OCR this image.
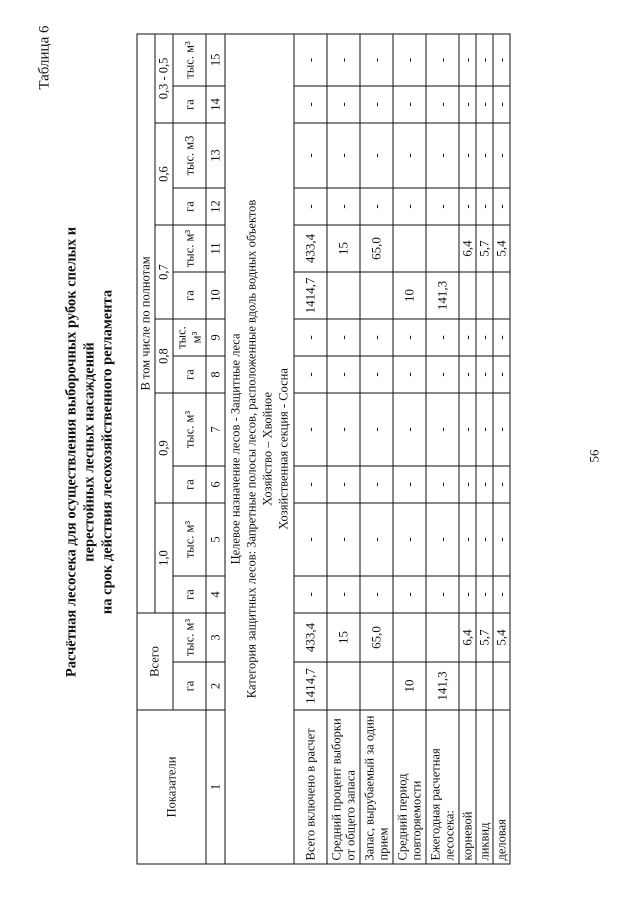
56
Таблица 6
Расчётная лесосека для осуществления выборочных рубок спелых и перестойных лесных насаждений на срок действия лесохозяйственного регламента
Показатели	Всего		В том числе по полнотам											
			1,0		0,9		0,8		0,7		0,6		0,3 - 0,5	
	га	тыс. м³	га	тыс. м³	га	тыс. м³	га	тыс. м³	га	тыс. м³	га	тыс. м3	га	тыс. м³
1	2	3	4	5	6	7	8	9	10	11	12	13	14	15

Целевое назначение лесов - Защитные леса Категория защитных лесов: Запретные полосы лесов, расположенные вдоль водных объектов Хозяйство – Хвойное Хозяйственная секция - Сосна														

Всего включено в расчет	1414,7	433,4	-	-	-	-	-	-	1414,7	433,4	-	-	-	-
Средний процент выборки от общего запаса		15	-	-	-	-	-	-		15	-	-	-	-
Запас, вырубаемый за один прием		65,0	-	-	-	-	-	-		65,0	-	-	-	-
Средний период повторяемости	10		-	-	-	-	-	-	10		-	-	-	-
Ежегодная расчетная лесосека:	141,3		-	-	-	-	-	-	141,3		-	-	-	-
корневой		6,4	-	-	-	-	-	-		6,4	-	-	-	-
ликвид		5,7	-	-	-	-	-	-		5,7	-	-	-	-
деловая		5,4	-	-	-	-	-	-		5,4	-	-	-	-
